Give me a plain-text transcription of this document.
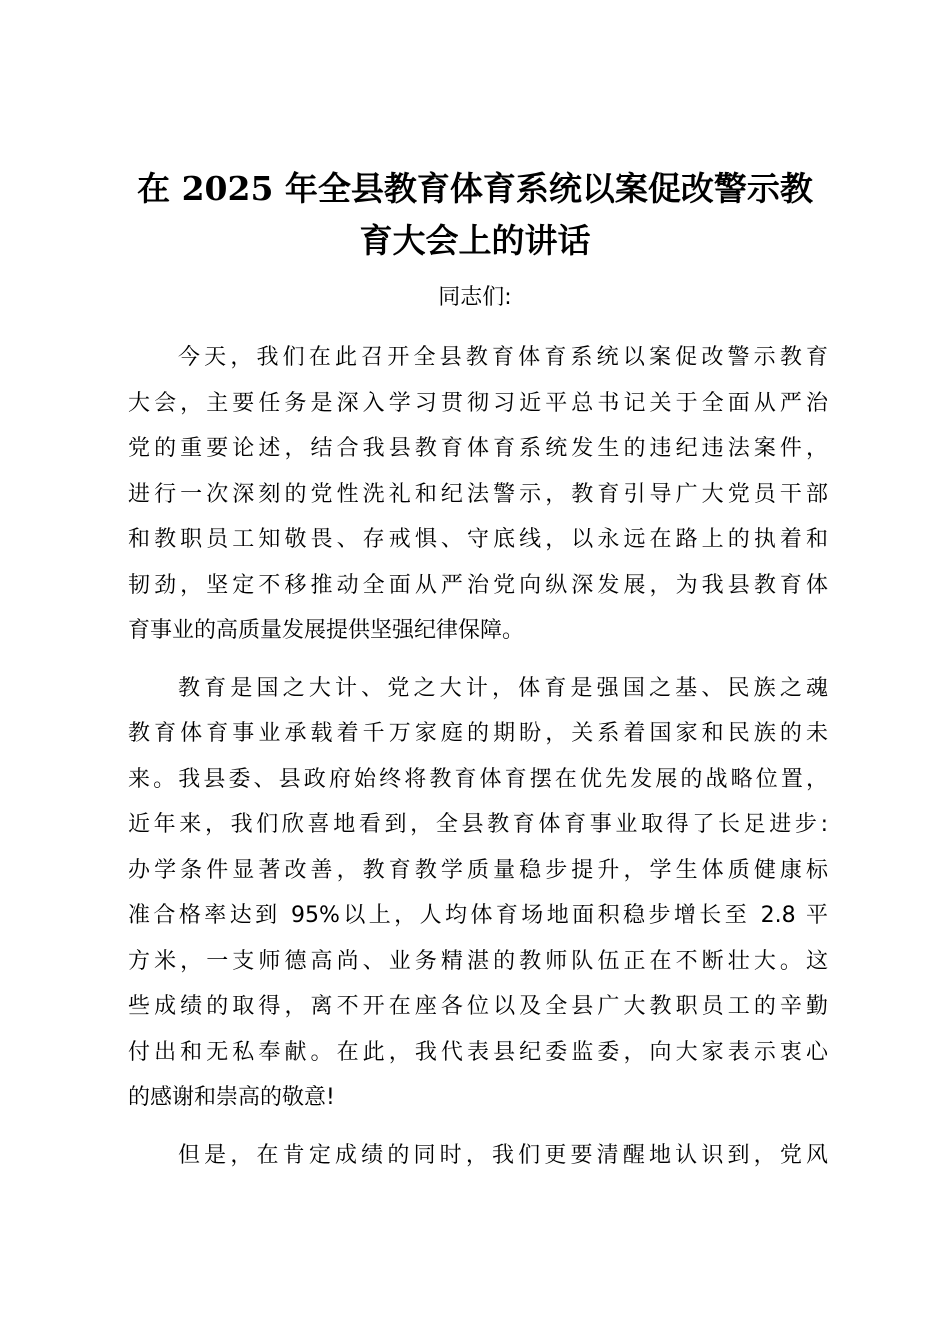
在 2025 年全县教育体育系统以案促改警示教
育大会上的讲话

同志们:

今天，我们在此召开全县教育体育系统以案促改警示教育
大会，主要任务是深入学习贯彻习近平总书记关于全面从严治
党的重要论述，结合我县教育体育系统发生的违纪违法案件，
进行一次深刻的党性洗礼和纪法警示，教育引导广大党员干部
和教职员工知敬畏、存戒惧、守底线，以永远在路上的执着和
韧劲，坚定不移推动全面从严治党向纵深发展，为我县教育体
育事业的高质量发展提供坚强纪律保障。
教育是国之大计、党之大计，体育是强国之基、民族之魂
教育体育事业承载着千万家庭的期盼，关系着国家和民族的未
来。我县委、县政府始终将教育体育摆在优先发展的战略位置，
近年来，我们欣喜地看到，全县教育体育事业取得了长足进步:
办学条件显著改善，教育教学质量稳步提升，学生体质健康标
准合格率达到 95%以上，人均体育场地面积稳步增长至 2.8 平
方米，一支师德高尚、业务精湛的教师队伍正在不断壮大。这
些成绩的取得，离不开在座各位以及全县广大教职员工的辛勤
付出和无私奉献。在此，我代表县纪委监委，向大家表示衷心
的感谢和崇高的敬意!
但是，在肯定成绩的同时，我们更要清醒地认识到，党风
